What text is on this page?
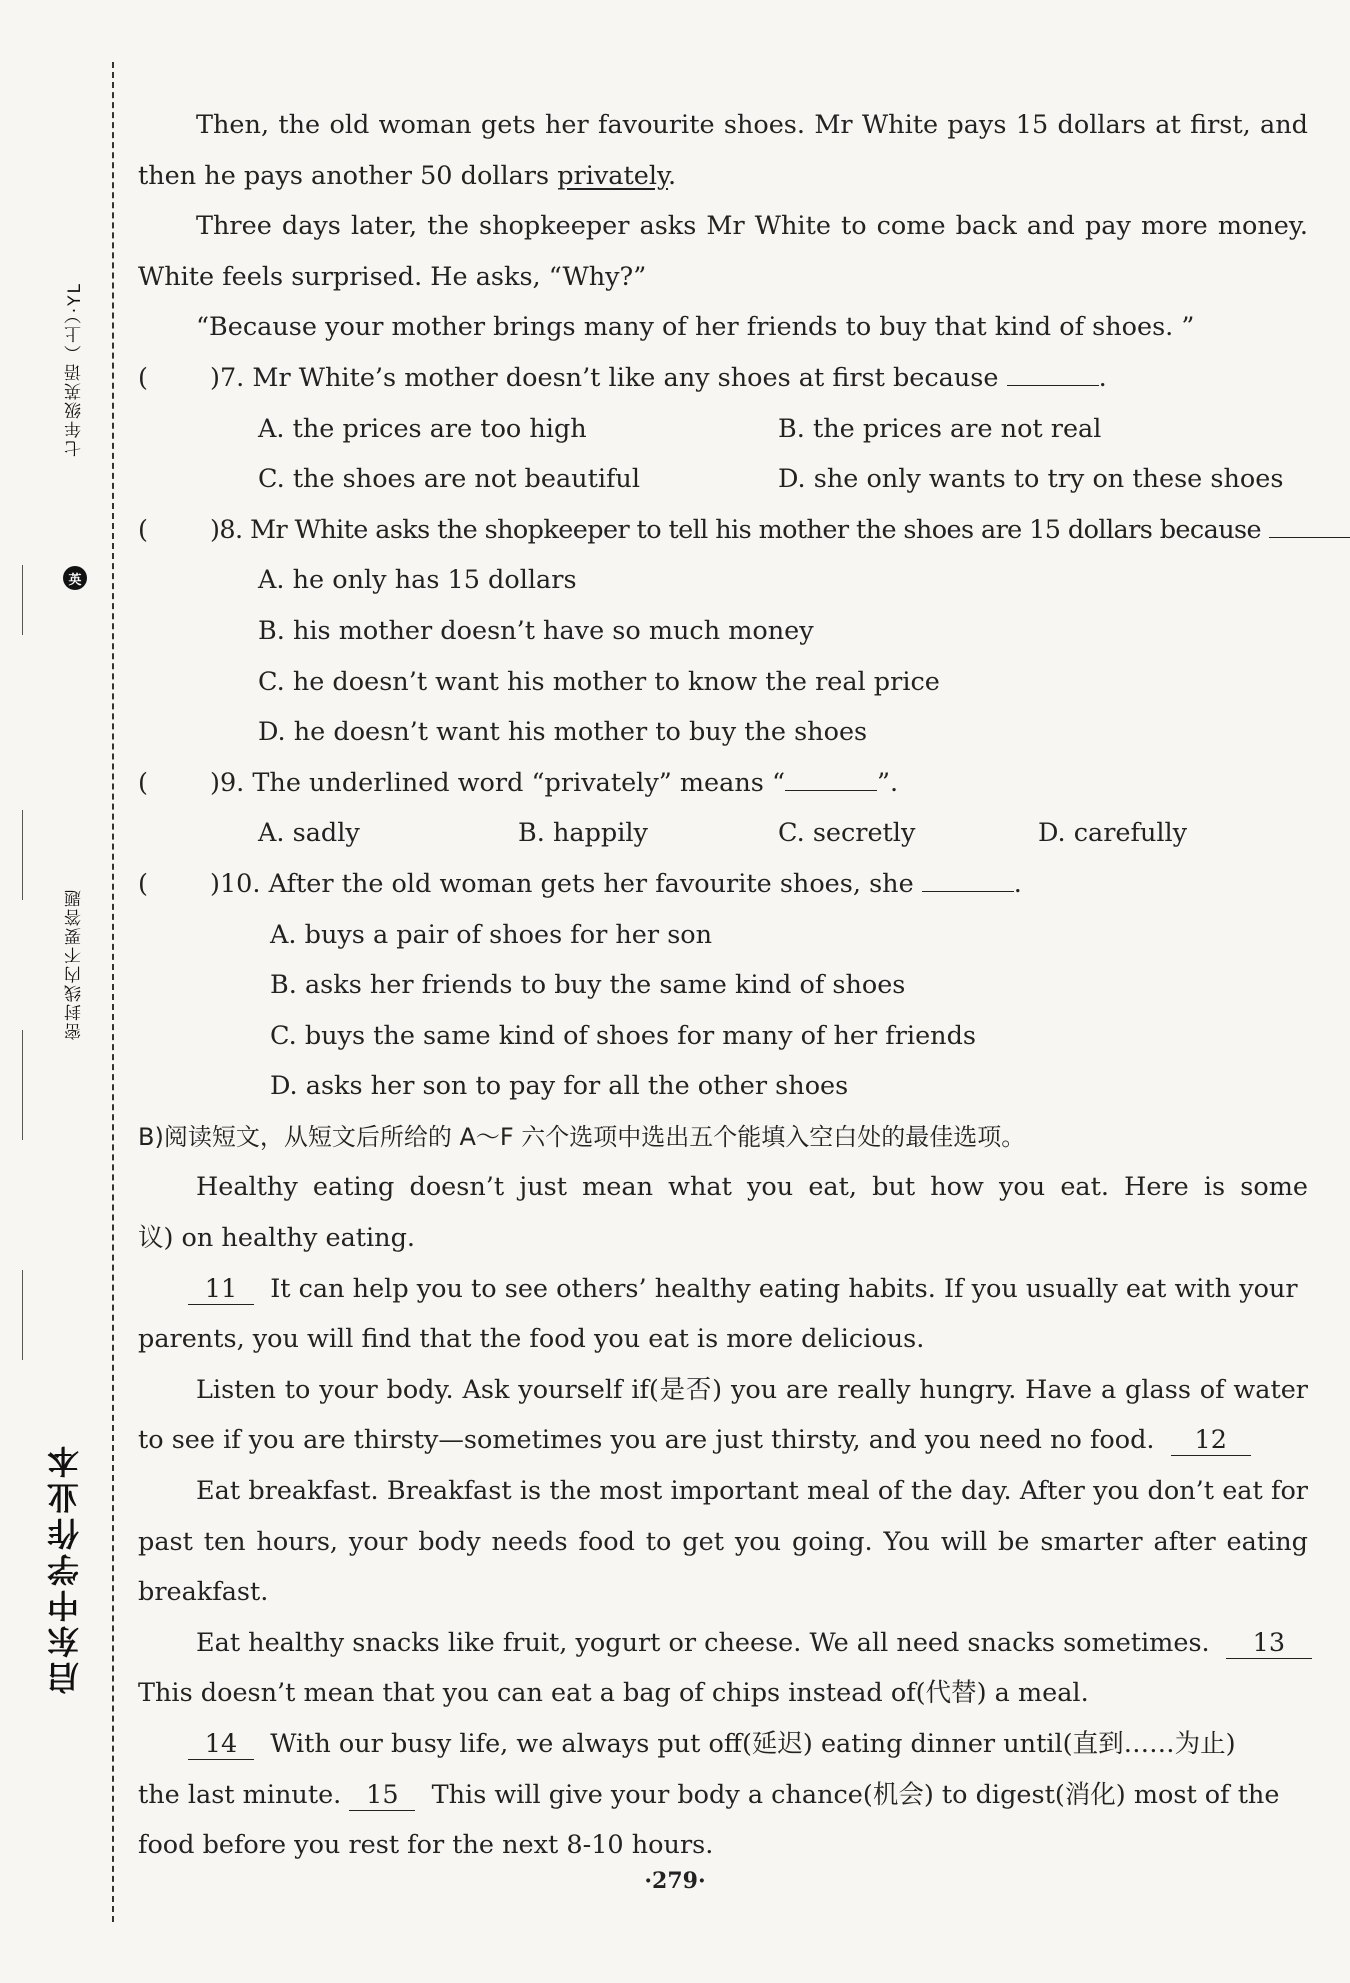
七年级英语（上）·YL
英
密封线内不要答题
启东中学作业本
Then, the old woman gets her favourite shoes. Mr White pays 15 dollars at first, and
then he pays another 50 dollars privately.
Three days later, the shopkeeper asks Mr White to come back and pay more money.
White feels surprised. He asks, “Why?”
“Because your mother brings many of her friends to buy that kind of shoes. ”
( )7. Mr White’s mother doesn’t like any shoes at first because	.
A. the prices are too high	B. the prices are not real
C. the shoes are not beautiful	D. she only wants to try on these shoes
( )8. Mr White asks the shopkeeper to tell his mother the shoes are 15 dollars because
A. he only has 15 dollars
B. his mother doesn’t have so much money
C. he doesn’t want his mother to know the real price
D. he doesn’t want his mother to buy the shoes
( )9. The underlined word “privately” means “	”.
A. sadly	B. happily	C. secretly	D. carefully
( )10. After the old woman gets her favourite shoes, she	.
A. buys a pair of shoes for her son
B. asks her friends to buy the same kind of shoes
C. buys the same kind of shoes for many of her friends
D. asks her son to pay for all the other shoes
B)阅读短文，从短文后所给的 A～F 六个选项中选出五个能填入空白处的最佳选项。
Healthy eating doesn’t just mean what you eat, but how you eat. Here is some
议) on healthy eating.
11 It can help you to see others’ healthy eating habits. If you usually eat with your
parents, you will find that the food you eat is more delicious.
Listen to your body. Ask yourself if(是否) you are really hungry. Have a glass of water
to see if you are thirsty—sometimes you are just thirsty, and you need no food. 12
Eat breakfast. Breakfast is the most important meal of the day. After you don’t eat for
past ten hours, your body needs food to get you going. You will be smarter after eating
breakfast.
Eat healthy snacks like fruit, yogurt or cheese. We all need snacks sometimes. 13
This doesn’t mean that you can eat a bag of chips instead of(代替) a meal.
14 With our busy life, we always put off(延迟) eating dinner until(直到……为止)
the last minute. 15 This will give your body a chance(机会) to digest(消化) most of the
food before you rest for the next 8-10 hours.
·279·
